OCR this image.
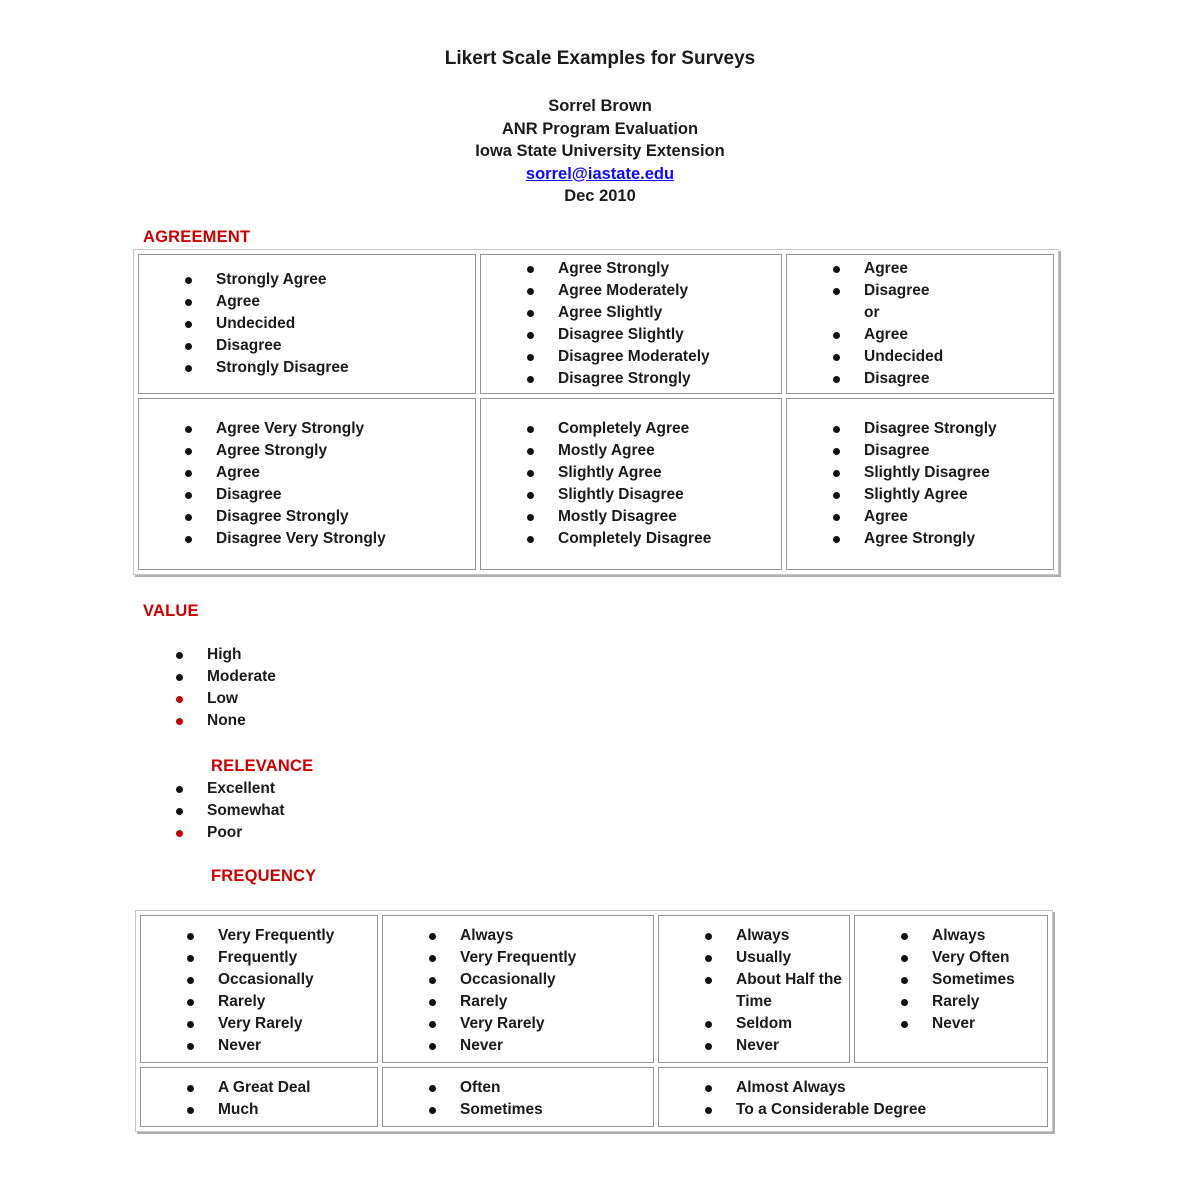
Likert Scale Examples for Surveys
Sorrel Brown
ANR Program Evaluation
Iowa State University Extension
sorrel@iastate.edu
Dec 2010
AGREEMENT
Strongly Agree
Agree
Undecided
Disagree
Strongly Disagree

Agree Strongly
Agree Moderately
Agree Slightly
Disagree Slightly
Disagree Moderately
Disagree Strongly

Agree
Disagree
or
Agree
Undecided
Disagree

Agree Very Strongly
Agree Strongly
Agree
Disagree
Disagree Strongly
Disagree Very Strongly

Completely Agree
Mostly Agree
Slightly Agree
Slightly Disagree
Mostly Disagree
Completely Disagree

Disagree Strongly
Disagree
Slightly Disagree
Slightly Agree
Agree
Agree Strongly
VALUE
High
Moderate
Low
None
RELEVANCE
Excellent
Somewhat
Poor
FREQUENCY
Very Frequently
Frequently
Occasionally
Rarely
Very Rarely
Never

Always
Very Frequently
Occasionally
Rarely
Very Rarely
Never

Always
Usually
About Half the Time
Seldom
Never

Always
Very Often
Sometimes
Rarely
Never

A Great Deal
Much

Often
Sometimes

Almost Always
To a Considerable Degree
